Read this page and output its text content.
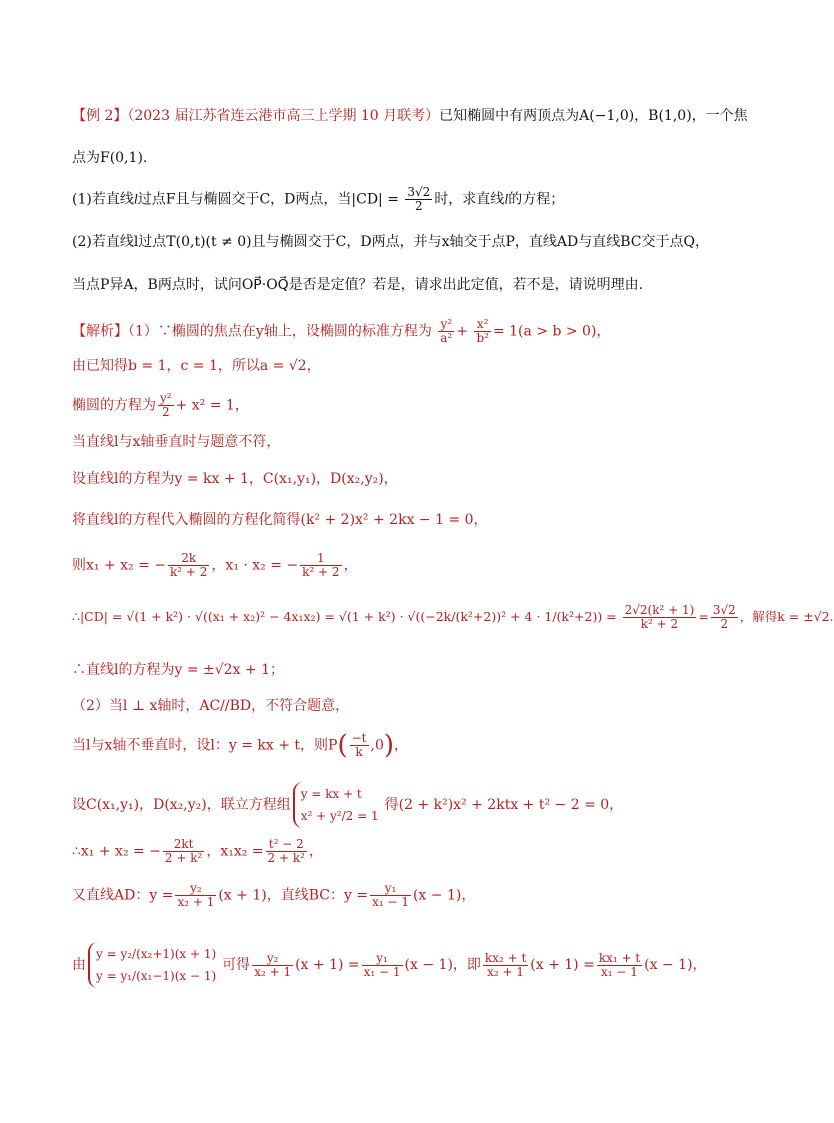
【例 2】（2023 届江苏省连云港市高三上学期 10 月联考）已知椭圆中有两顶点为A(−1,0)，B(1,0)，一个焦
点为F(0,1).
(1)若直线l过点F且与椭圆交于C，D两点，当$|CD| = \frac{3√2}{2}$ 时，求直线l的方程；
(2)若直线l过点T(0,t)(t ≠ 0)且与椭圆交于C，D两点，并与x轴交于点P，直线AD与直线BC交于点Q，
当点P异A，B两点时，试问OP⃗·OQ⃗是否是定值？若是，请求出此定值，若不是，请说明理由.
【解析】（1）∵椭圆的焦点在y轴上，设椭圆的标准方程为 $\frac{\text{y²}}{\text{a²}} + \frac{\text{x²}}{\text{b²}} = 1(a > b > 0)$，
由已知得b = 1，c = 1，所以a = √2，
椭圆的方程为 $\frac{\text{y²}}{2} + x^2 = 1$，
当直线l与x轴垂直时与题意不符，
设直线l的方程为y = kx + 1，C(x₁,y₁)，D(x₂,y₂)，
将直线l的方程代入椭圆的方程化简得(k² + 2)x² + 2kx − 1 = 0，
则x₁ + x₂ = − $\frac{2k}{\text{k² + 2}}$ ，x₁ · x₂ = − $\frac{1}{\text{k² + 2}}$ ，
∴|CD| = $√(1 + k^2) \cdot √((x_1 + x_2)^2 - 4x_1x_2) = √(1 + k^2) \cdot √((-2k/(k^2+2))^2 + 4 \cdot 1/(k^2+2)) = \frac{\text{2√2(k² + 1)}}{\text{k² + 2}} = \frac{3√2}{2}$ ，解得k = ±√2.
∴直线l的方程为y = ±√2x + 1；
（2）当l ⊥ x轴时，AC//BD，不符合题意，
当l与x轴不垂直时，设l：y = kx + t，则$P( \frac{-t}{k} ,0)$，
设C(x₁,y₁)，D(x₂,y₂)，联立方程组
y = kx + t
x² + y²/2 = 1
得(2 + k²)x² + 2ktx + t² − 2 = 0，
∴x₁ + x₂ = − $\frac{2kt}{\text{2 + k²}}$ ，$x_1x_2 = \frac{\text{t² − 2}}{\text{2 + k²}}$ ，
又直线AD：$y = \frac{\text{y₂}}{\text{x₂ + 1}} (x + 1)$，直线BC：$y = \frac{\text{y₁}}{\text{x₁ − 1}} (x - 1)$，
由
y = y₂/(x₂+1)(x + 1)
y = y₁/(x₁−1)(x − 1)
可得 $\frac{\text{y₂}}{\text{x₂ + 1}} (x + 1) = \frac{\text{y₁}}{\text{x₁ − 1}} (x - 1)$，即 $\frac{\text{kx₂ + t}}{\text{x₂ + 1}} (x + 1) = \frac{\text{kx₁ + t}}{\text{x₁ − 1}} (x - 1)$，
